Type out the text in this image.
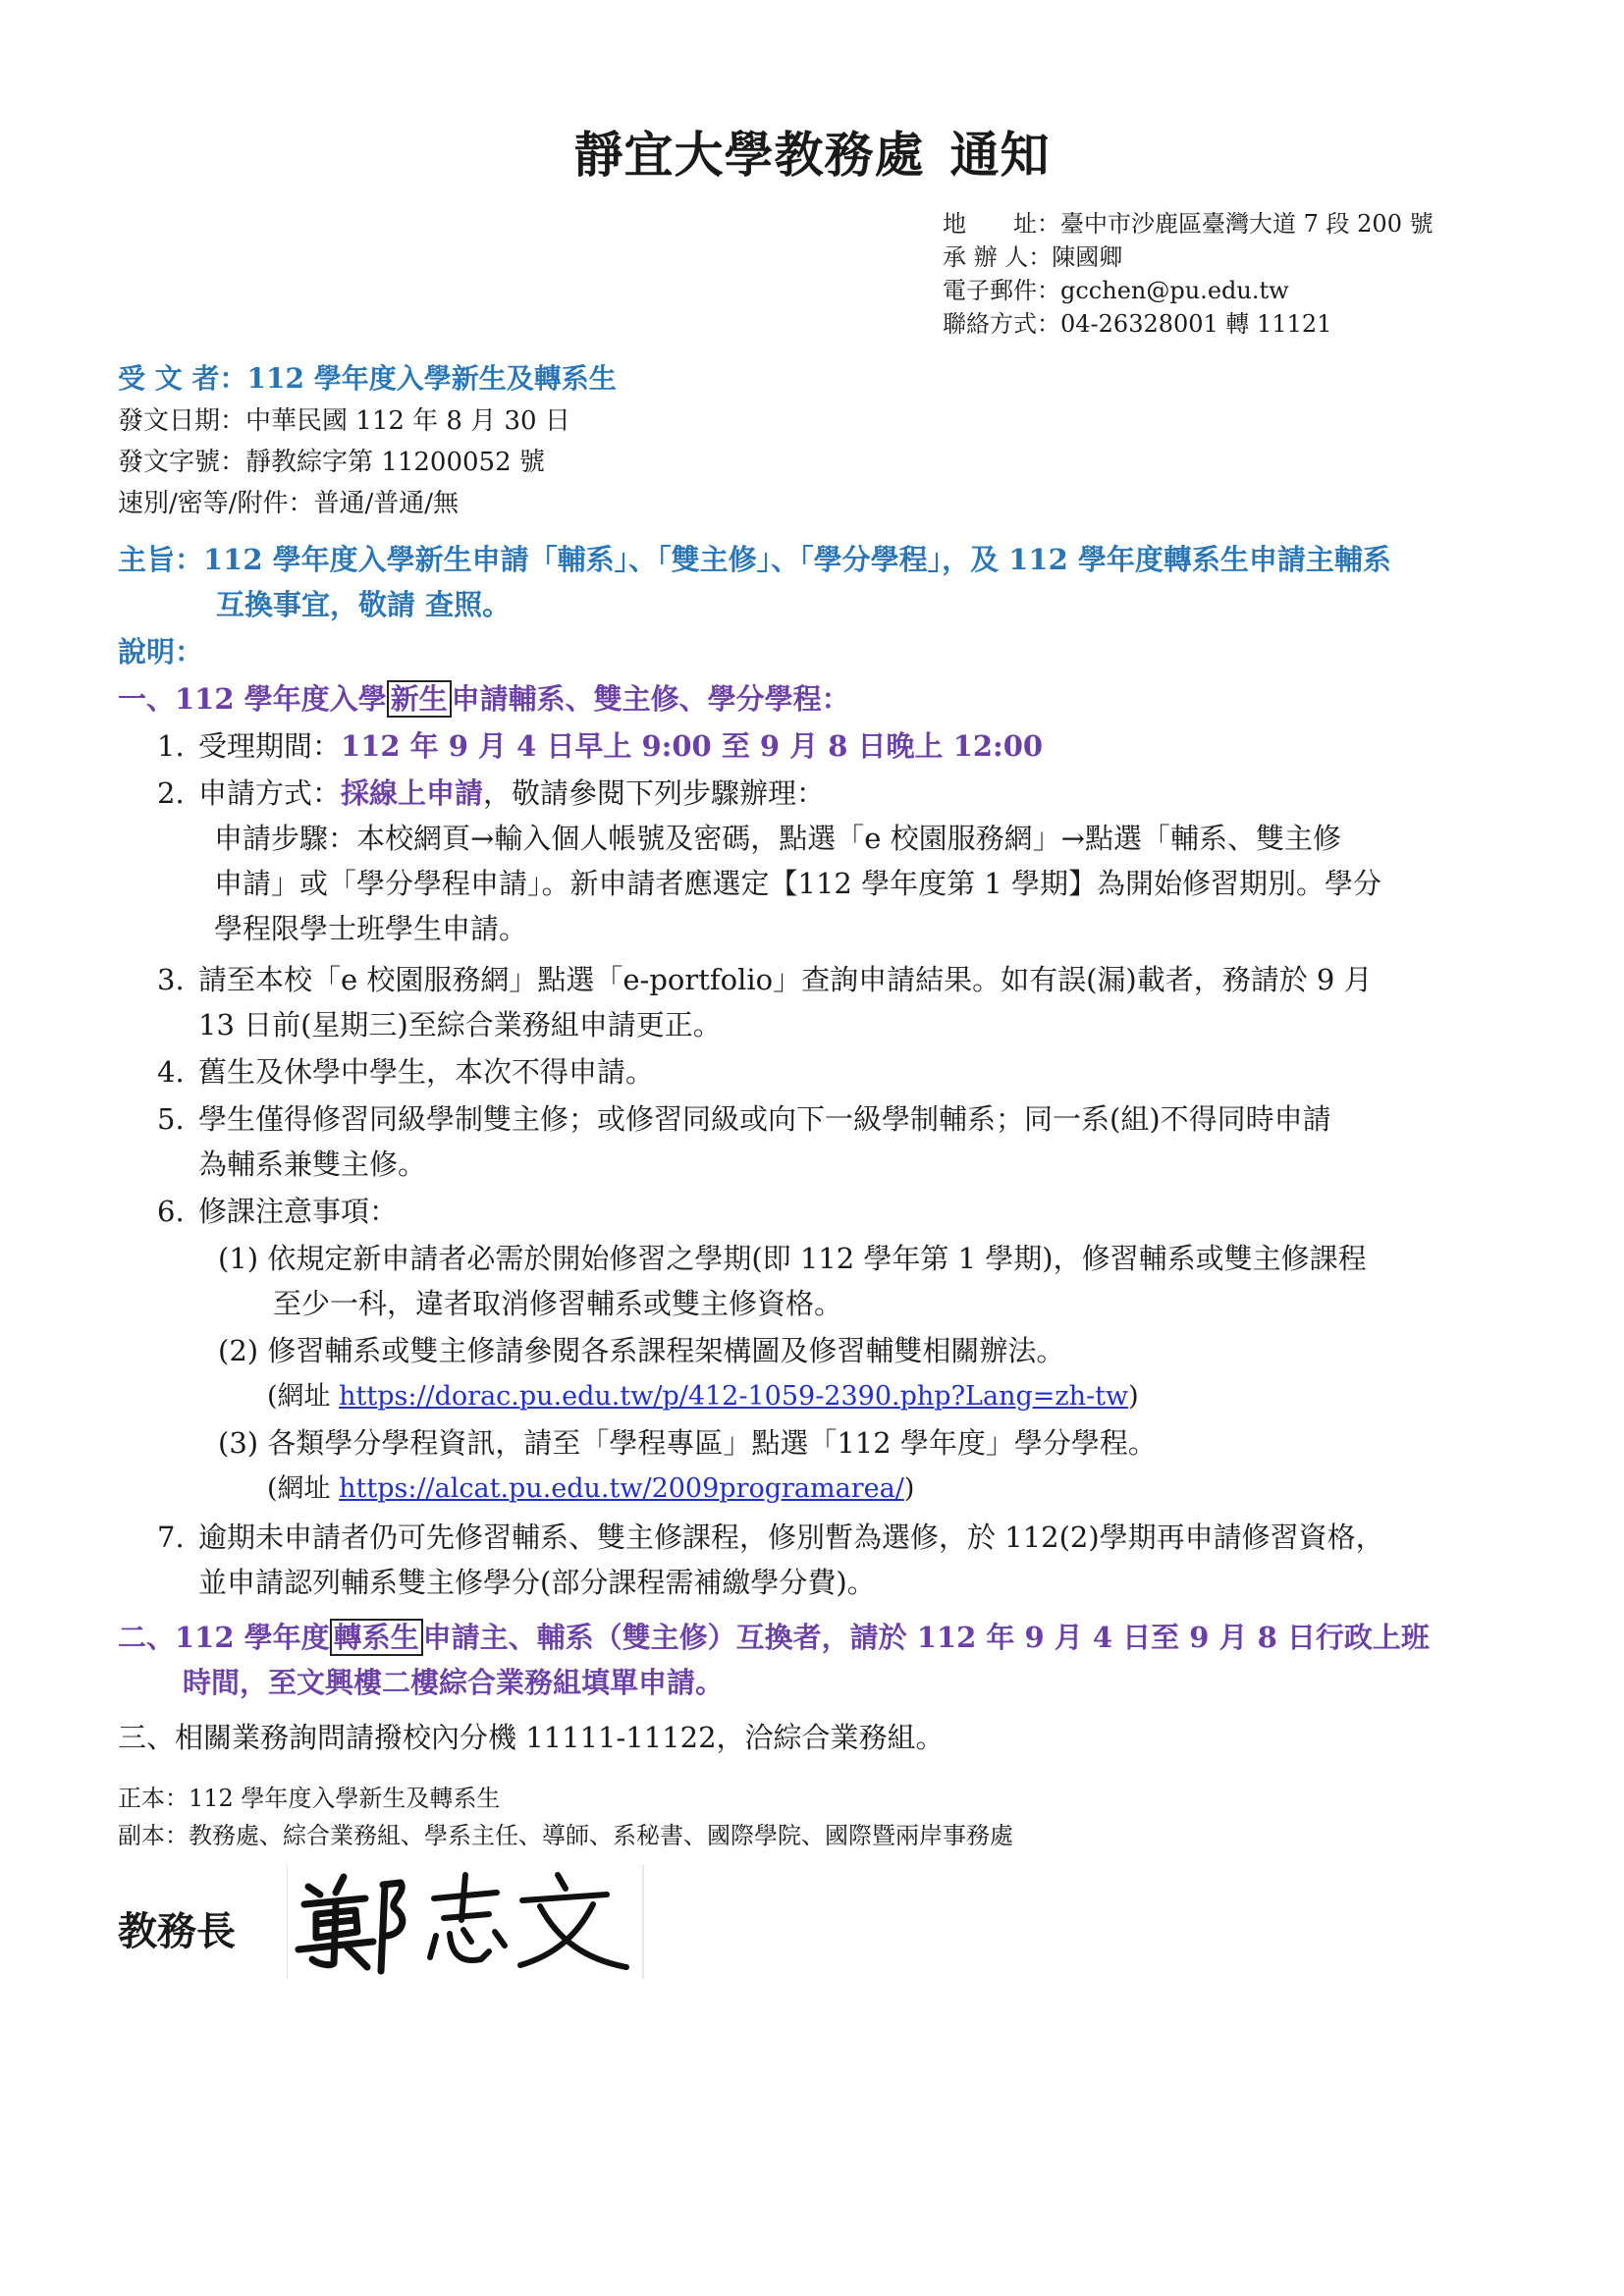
靜宜大學教務處 通知
地　　址：臺中市沙鹿區臺灣大道 7 段 200 號
承 辦 人：陳國卿
電子郵件：gcchen@pu.edu.tw
聯絡方式：04-26328001 轉 11121
受 文 者：112 學年度入學新生及轉系生
發文日期：中華民國 112 年 8 月 30 日
發文字號：靜教綜字第 11200052 號
速別/密等/附件：普通/普通/無
主旨：112 學年度入學新生申請「輔系」、「雙主修」、「學分學程」，及 112 學年度轉系生申請主輔系
互換事宜，敬請 查照。
說明：
一、112 學年度入學 新生 申請輔系、雙主修、學分學程：
1. 受理期間：112 年 9 月 4 日早上 9:00 至 9 月 8 日晚上 12:00
2. 申請方式：採線上申請，敬請參閱下列步驟辦理：
申請步驟：本校網頁→輸入個人帳號及密碼，點選「e 校園服務網」→點選「輔系、雙主修
申請」或「學分學程申請」。新申請者應選定【112 學年度第 1 學期】為開始修習期別。學分
學程限學士班學生申請。
3. 請至本校「e 校園服務網」點選「e-portfolio」查詢申請結果。如有誤(漏)載者，務請於 9 月
13 日前(星期三)至綜合業務組申請更正。
4. 舊生及休學中學生，本次不得申請。
5. 學生僅得修習同級學制雙主修；或修習同級或向下一級學制輔系；同一系(組)不得同時申請
為輔系兼雙主修。
6. 修課注意事項：
(1) 依規定新申請者必需於開始修習之學期(即 112 學年第 1 學期)，修習輔系或雙主修課程
至少一科，違者取消修習輔系或雙主修資格。
(2) 修習輔系或雙主修請參閱各系課程架構圖及修習輔雙相關辦法。
(網址 https://dorac.pu.edu.tw/p/412-1059-2390.php?Lang=zh-tw)
(3) 各類學分學程資訊，請至「學程專區」點選「112 學年度」學分學程。
(網址 https://alcat.pu.edu.tw/2009programarea/)
7. 逾期未申請者仍可先修習輔系、雙主修課程，修別暫為選修，於 112(2)學期再申請修習資格，
並申請認列輔系雙主修學分(部分課程需補繳學分費)。
二、112 學年度 轉系生 申請主、輔系（雙主修）互換者，請於 112 年 9 月 4 日至 9 月 8 日行政上班
時間，至文興樓二樓綜合業務組填單申請。
三、相關業務詢問請撥校內分機 11111-11122，洽綜合業務組。
正本：112 學年度入學新生及轉系生
副本：教務處、綜合業務組、學系主任、導師、系秘書、國際學院、國際暨兩岸事務處
教務長
